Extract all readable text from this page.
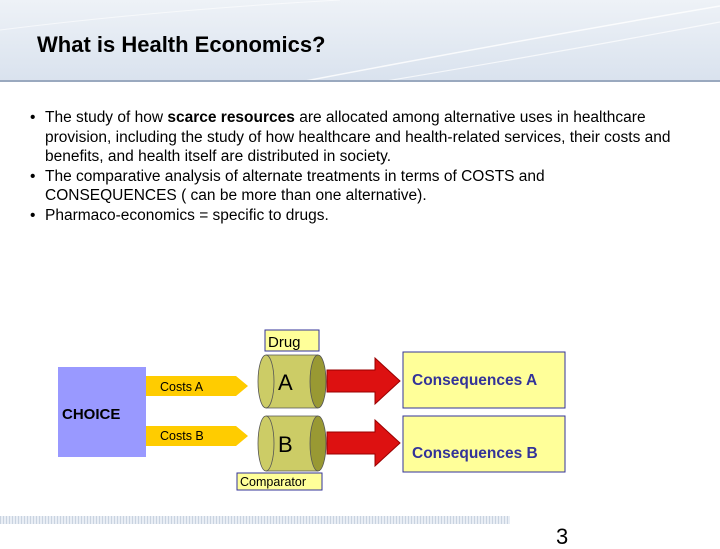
What is Health Economics?
• The study of how scarce resources are allocated among alternative uses in healthcare provision, including the study of how healthcare and health-related services, their costs and benefits, and health itself are distributed in society.
• The comparative analysis of alternate treatments in terms of COSTS and CONSEQUENCES ( can be more than one alternative).
• Pharmaco-economics = specific to drugs.
CHOICE
Costs A
Costs B
Drug
A
B
Comparator
Consequences A
Consequences B
3
